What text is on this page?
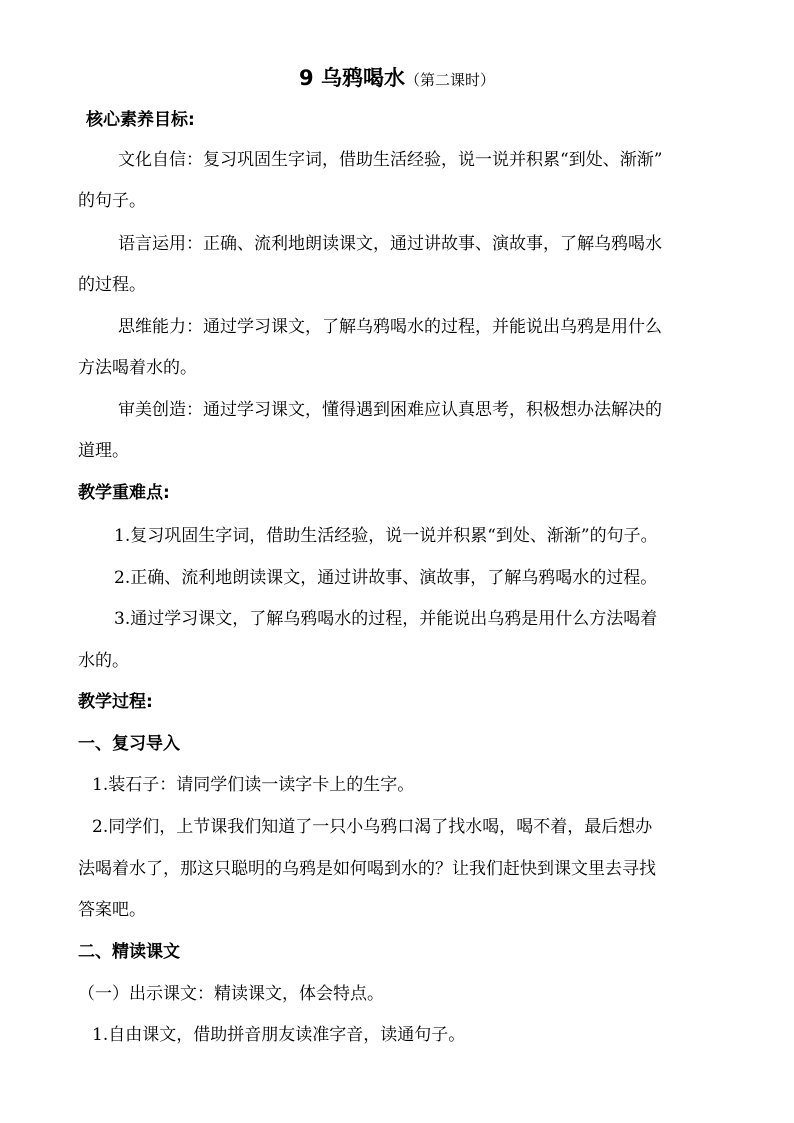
9 乌鸦喝水（第二课时）
核心素养目标:
文化自信：复习巩固生字词，借助生活经验，说一说并积累“到处、渐渐”
的句子。
语言运用：正确、流利地朗读课文，通过讲故事、演故事，了解乌鸦喝水
的过程。
思维能力：通过学习课文，了解乌鸦喝水的过程，并能说出乌鸦是用什么
方法喝着水的。
审美创造：通过学习课文，懂得遇到困难应认真思考，积极想办法解决的
道理。
教学重难点:
1.复习巩固生字词，借助生活经验，说一说并积累“到处、渐渐”的句子。
2.正确、流利地朗读课文，通过讲故事、演故事，了解乌鸦喝水的过程。
3.通过学习课文，了解乌鸦喝水的过程，并能说出乌鸦是用什么方法喝着
水的。
教学过程:
一、复习导入
1.装石子：请同学们读一读字卡上的生字。
2.同学们，上节课我们知道了一只小乌鸦口渴了找水喝，喝不着，最后想办
法喝着水了，那这只聪明的乌鸦是如何喝到水的？让我们赶快到课文里去寻找
答案吧。
二、精读课文
（一）出示课文：精读课文，体会特点。
1.自由课文，借助拼音朋友读准字音，读通句子。
